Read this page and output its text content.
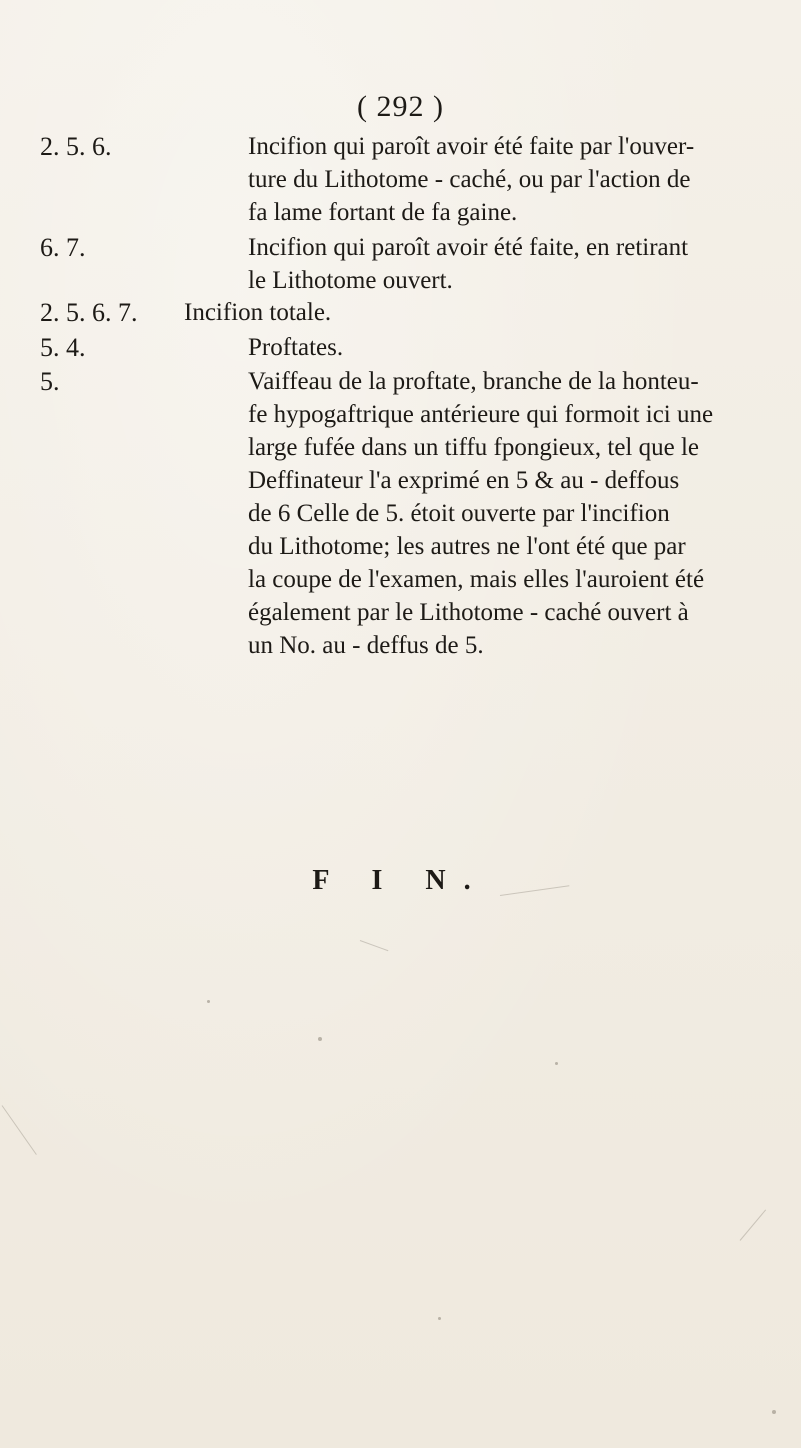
( 292 )
2. 5. 6.	Incifion qui paroît avoir été faite par l'ouver-
ture du Lithotome - caché, ou par l'action de
fa lame fortant de fa gaine.
6. 7.	Incifion qui paroît avoir été faite, en retirant
le Lithotome ouvert.
2. 5. 6. 7. Incifion totale.
5. 4.	Proftates.
5.	Vaiffeau de la proftate, branche de la honteu-
fe hypogaftrique antérieure qui formoit ici une
large fufée dans un tiffu fpongieux, tel que le
Deffinateur l'a exprimé en 5 & au - deffous
de 6 Celle de 5. étoit ouverte par l'incifion
du Lithotome; les autres ne l'ont été que par
la coupe de l'examen, mais elles l'auroient été
également par le Lithotome - caché ouvert à
un No. au - deffus de 5.
F I N.
